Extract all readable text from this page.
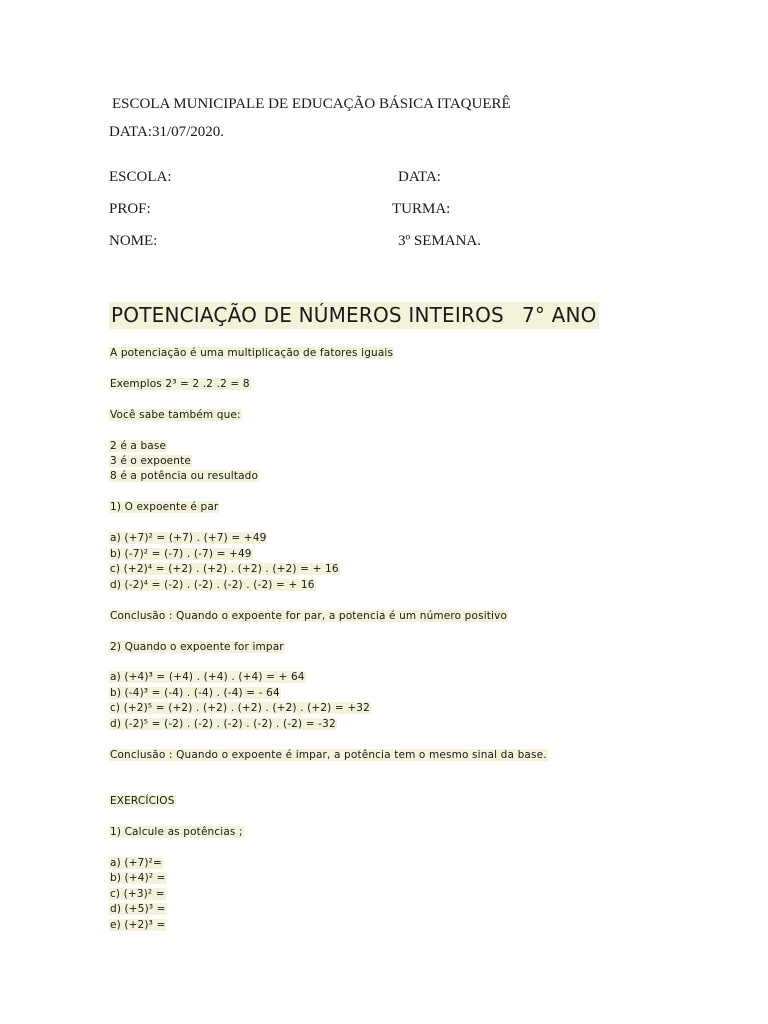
ESCOLA MUNICIPALE DE EDUCAÇÃO BÁSICA ITAQUERÊ
DATA:31/07/2020.
ESCOLA:	DATA:
PROF:	TURMA:
NOME:	3º SEMANA.
POTENCIAÇÃO DE NÚMEROS INTEIROS 7° ANO
A potenciação é uma multiplicação de fatores iguais
Exemplos 2³ = 2 .2 .2 = 8
Você sabe também que:
2 é a base
3 é o expoente
8 é a potência ou resultado
1) O expoente é par
a) (+7)² = (+7) . (+7) = +49
b) (-7)² = (-7) . (-7) = +49
c) (+2)⁴ = (+2) . (+2) . (+2) . (+2) = + 16
d) (-2)⁴ = (-2) . (-2) . (-2) . (-2) = + 16
Conclusão : Quando o expoente for par, a potencia é um número positivo
2) Quando o expoente for impar
a) (+4)³ = (+4) . (+4) . (+4) = + 64
b) (-4)³ = (-4) . (-4) . (-4) = - 64
c) (+2)⁵ = (+2) . (+2) . (+2) . (+2) . (+2) = +32
d) (-2)⁵ = (-2) . (-2) . (-2) . (-2) . (-2) = -32
Conclusão : Quando o expoente é impar, a potência tem o mesmo sinal da base.
EXERCÍCIOS
1) Calcule as potências ;
a) (+7)²=
b) (+4)² =
c) (+3)² =
d) (+5)³ =
e) (+2)³ =
